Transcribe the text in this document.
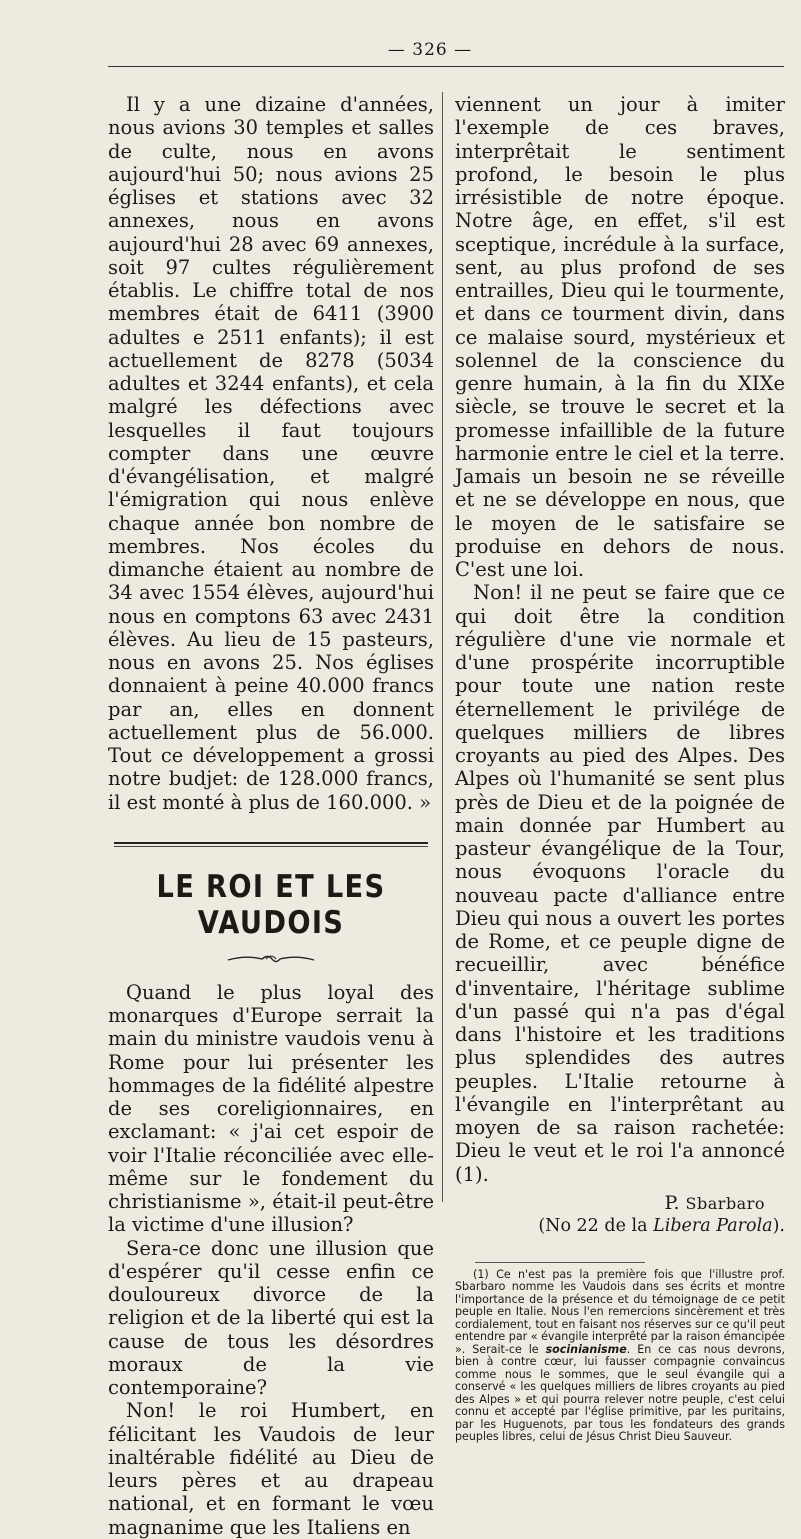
— 326 —

Il y a une dizaine d'années, nous avions 30 temples et salles de culte, nous en avons aujourd'hui 50; nous avions 25 églises et stations avec 32 annexes, nous en avons aujourd'hui 28 avec 69 annexes, soit 97 cultes régulièrement établis. Le chiffre total de nos membres était de 6411 (3900 adultes e 2511 enfants); il est actuellement de 8278 (5034 adultes et 3244 enfants), et cela malgré les défections avec lesquelles il faut toujours compter dans une œuvre d'évangélisation, et malgré l'émigration qui nous enlève chaque année bon nombre de membres. Nos écoles du dimanche étaient au nombre de 34 avec 1554 élèves, aujourd'hui nous en comptons 63 avec 2431 élèves. Au lieu de 15 pasteurs, nous en avons 25. Nos églises donnaient à peine 40.000 francs par an, elles en donnent actuellement plus de 56.000. Tout ce développement a grossi notre budjet: de 128.000 francs, il est monté à plus de 160.000. »

LE ROI ET LES VAUDOIS

Quand le plus loyal des monarques d'Europe serrait la main du ministre vaudois venu à Rome pour lui présenter les hommages de la fidélité alpestre de ses coreligionnaires, en exclamant: « j'ai cet espoir de voir l'Italie réconciliée avec elle-même sur le fondement du christianisme », était-il peut-être la victime d'une illusion?

Sera-ce donc une illusion que d'espérer qu'il cesse enfin ce douloureux divorce de la religion et de la liberté qui est la cause de tous les désordres moraux de la vie contemporaine?

Non! le roi Humbert, en félicitant les Vaudois de leur inaltérable fidélité au Dieu de leurs pères et au drapeau national, et en formant le vœu magnanime que les Italiens en

viennent un jour à imiter l'exemple de ces braves, interprêtait le sentiment profond, le besoin le plus irrésistible de notre époque. Notre âge, en effet, s'il est sceptique, incrédule à la surface, sent, au plus profond de ses entrailles, Dieu qui le tourmente, et dans ce tourment divin, dans ce malaise sourd, mystérieux et solennel de la conscience du genre humain, à la fin du XIXe siècle, se trouve le secret et la promesse infaillible de la future harmonie entre le ciel et la terre. Jamais un besoin ne se réveille et ne se développe en nous, que le moyen de le satisfaire se produise en dehors de nous. C'est une loi.

Non! il ne peut se faire que ce qui doit être la condition régulière d'une vie normale et d'une prospérite incorruptible pour toute une nation reste éternellement le privilége de quelques milliers de libres croyants au pied des Alpes. Des Alpes où l'humanité se sent plus près de Dieu et de la poignée de main donnée par Humbert au pasteur évangélique de la Tour, nous évoquons l'oracle du nouveau pacte d'alliance entre Dieu qui nous a ouvert les portes de Rome, et ce peuple digne de recueillir, avec bénéfice d'inventaire, l'héritage sublime d'un passé qui n'a pas d'égal dans l'histoire et les traditions plus splendides des autres peuples. L'Italie retourne à l'évangile en l'interprêtant au moyen de sa raison rachetée: Dieu le veut et le roi l'a annoncé (1).

P. Sbarbaro
(No 22 de la Libera Parola).

(1) Ce n'est pas la première fois que l'illustre prof. Sbarbaro nomme les Vaudois dans ses écrits et montre l'importance de la présence et du témoignage de ce petit peuple en Italie. Nous l'en remercions sincèrement et très cordialement, tout en faisant nos réserves sur ce qu'il peut entendre par « évangile interprêté par la raison émancipée ». Serait-ce le socinianisme. En ce cas nous devrons, bien à contre cœur, lui fausser compagnie convaincus comme nous le sommes, que le seul évangile qui a conservé « les quelques milliers de libres croyants au pied des Alpes » et qui pourra relever notre peuple, c'est celui connu et accepté par l'église primitive, par les puritains, par les Huguenots, par tous les fondateurs des grands peuples libres, celui de Jésus Christ Dieu Sauveur.
